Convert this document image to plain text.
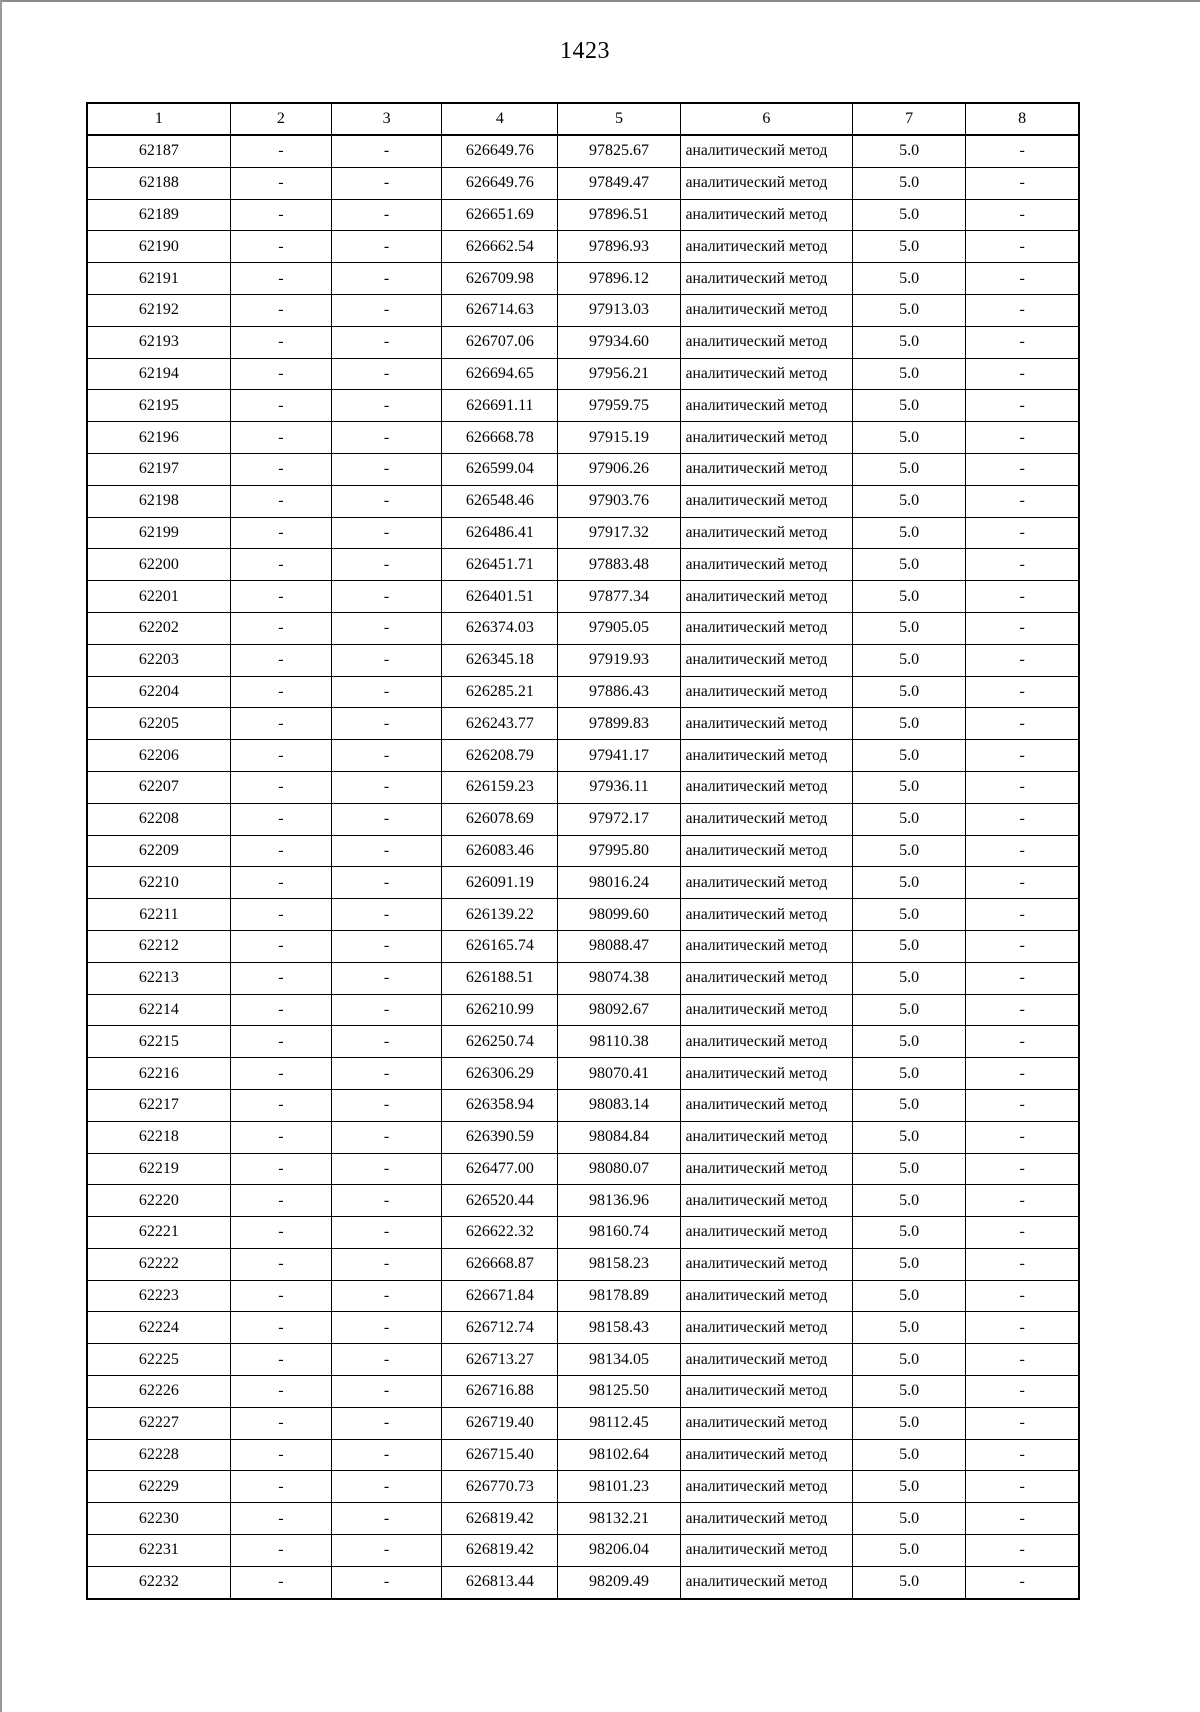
1423
1	2	3	4	5	6	7	8
62187	-	-	626649.76	97825.67	аналитический метод	5.0	-
62188	-	-	626649.76	97849.47	аналитический метод	5.0	-
62189	-	-	626651.69	97896.51	аналитический метод	5.0	-
62190	-	-	626662.54	97896.93	аналитический метод	5.0	-
62191	-	-	626709.98	97896.12	аналитический метод	5.0	-
62192	-	-	626714.63	97913.03	аналитический метод	5.0	-
62193	-	-	626707.06	97934.60	аналитический метод	5.0	-
62194	-	-	626694.65	97956.21	аналитический метод	5.0	-
62195	-	-	626691.11	97959.75	аналитический метод	5.0	-
62196	-	-	626668.78	97915.19	аналитический метод	5.0	-
62197	-	-	626599.04	97906.26	аналитический метод	5.0	-
62198	-	-	626548.46	97903.76	аналитический метод	5.0	-
62199	-	-	626486.41	97917.32	аналитический метод	5.0	-
62200	-	-	626451.71	97883.48	аналитический метод	5.0	-
62201	-	-	626401.51	97877.34	аналитический метод	5.0	-
62202	-	-	626374.03	97905.05	аналитический метод	5.0	-
62203	-	-	626345.18	97919.93	аналитический метод	5.0	-
62204	-	-	626285.21	97886.43	аналитический метод	5.0	-
62205	-	-	626243.77	97899.83	аналитический метод	5.0	-
62206	-	-	626208.79	97941.17	аналитический метод	5.0	-
62207	-	-	626159.23	97936.11	аналитический метод	5.0	-
62208	-	-	626078.69	97972.17	аналитический метод	5.0	-
62209	-	-	626083.46	97995.80	аналитический метод	5.0	-
62210	-	-	626091.19	98016.24	аналитический метод	5.0	-
62211	-	-	626139.22	98099.60	аналитический метод	5.0	-
62212	-	-	626165.74	98088.47	аналитический метод	5.0	-
62213	-	-	626188.51	98074.38	аналитический метод	5.0	-
62214	-	-	626210.99	98092.67	аналитический метод	5.0	-
62215	-	-	626250.74	98110.38	аналитический метод	5.0	-
62216	-	-	626306.29	98070.41	аналитический метод	5.0	-
62217	-	-	626358.94	98083.14	аналитический метод	5.0	-
62218	-	-	626390.59	98084.84	аналитический метод	5.0	-
62219	-	-	626477.00	98080.07	аналитический метод	5.0	-
62220	-	-	626520.44	98136.96	аналитический метод	5.0	-
62221	-	-	626622.32	98160.74	аналитический метод	5.0	-
62222	-	-	626668.87	98158.23	аналитический метод	5.0	-
62223	-	-	626671.84	98178.89	аналитический метод	5.0	-
62224	-	-	626712.74	98158.43	аналитический метод	5.0	-
62225	-	-	626713.27	98134.05	аналитический метод	5.0	-
62226	-	-	626716.88	98125.50	аналитический метод	5.0	-
62227	-	-	626719.40	98112.45	аналитический метод	5.0	-
62228	-	-	626715.40	98102.64	аналитический метод	5.0	-
62229	-	-	626770.73	98101.23	аналитический метод	5.0	-
62230	-	-	626819.42	98132.21	аналитический метод	5.0	-
62231	-	-	626819.42	98206.04	аналитический метод	5.0	-
62232	-	-	626813.44	98209.49	аналитический метод	5.0	-
